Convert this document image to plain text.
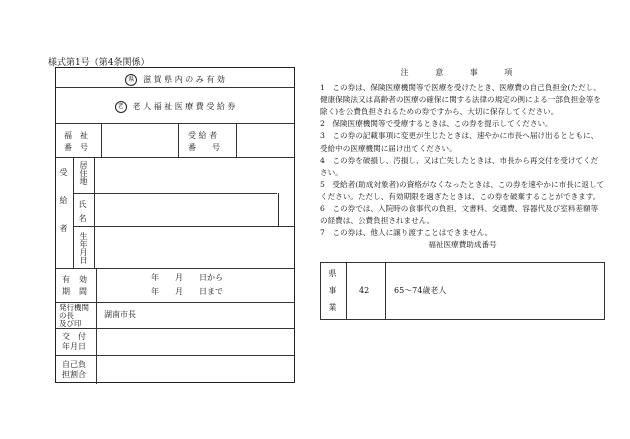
様式第1号（第4条関係）
県 滋 賀 県 内 の み 有 効
老 老 人 福 祉 医 療 費 受 給 券
福　祉
番　号
受 給 者
番　　号
受給者 居住地
氏名
生年月日
有効
期間
年　　月　　日から
年　　月　　日まで
発行機関の長
及び印
湖南市長
交　付
年月日
自己負
担割合
注 意 事 項

1　この券は、保険医療機関等で医療を受けたとき、医療費の自己負担金(ただし、健康保険法又は高齢者の医療の確保に関する法律の規定の例による一部負担金等を除く)を公費負担されるための券ですから、大切に保存してください。

2　保険医療機関等で受療するときは、この券を提示してください。

3　この券の記載事項に変更が生じたときは、速やかに市長へ届け出るとともに、受給中の医療機関に届け出てください。

4　この券を破損し、汚損し、又は亡失したときは、市長から再交付を受けてください。

5　受給者(助成対象者)の資格がなくなったときは、この券を速やかに市長に返してください。ただし、有効期限を過ぎたときは、この券を破棄することができます。

6　この券では、入院時の食事代の負担、文書料、交通費、容器代及び室料差額等の経費は、公費負担されません。

7　この券は、他人に譲り渡すことはできません。

福祉医療費助成番号
県事業	42	65〜74歳老人
